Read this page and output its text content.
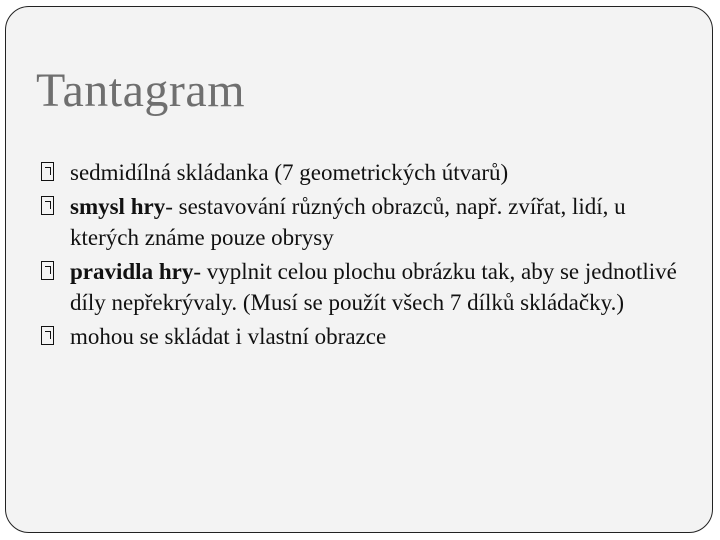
Tantagram
sedmidílná skládanka (7 geometrických útvarů)
smysl hry- sestavování různých obrazců, např. zvířat, lidí, u kterých známe pouze obrysy
pravidla hry- vyplnit celou plochu obrázku tak, aby se jednotlivé díly nepřekrývaly. (Musí se použít všech 7 dílků skládačky.)
mohou se skládat i vlastní obrazce
